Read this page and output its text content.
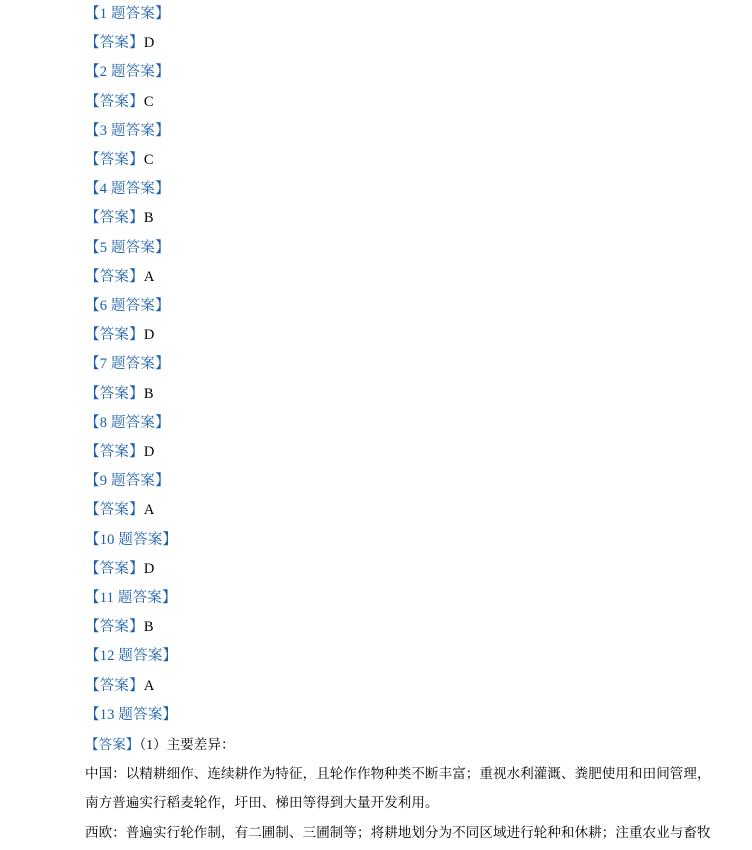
【1 题答案】
【答案】D
【2 题答案】
【答案】C
【3 题答案】
【答案】C
【4 题答案】
【答案】B
【5 题答案】
【答案】A
【6 题答案】
【答案】D
【7 题答案】
【答案】B
【8 题答案】
【答案】D
【9 题答案】
【答案】A
【10 题答案】
【答案】D
【11 题答案】
【答案】B
【12 题答案】
【答案】A
【13 题答案】
【答案】（1）主要差异：
中国：以精耕细作、连续耕作为特征，且轮作作物种类不断丰富；重视水利灌溉、粪肥使用和田间管理，
南方普遍实行稻麦轮作，圩田、梯田等得到大量开发利用。
西欧：普遍实行轮作制，有二圃制、三圃制等；将耕地划分为不同区域进行轮种和休耕；注重农业与畜牧
